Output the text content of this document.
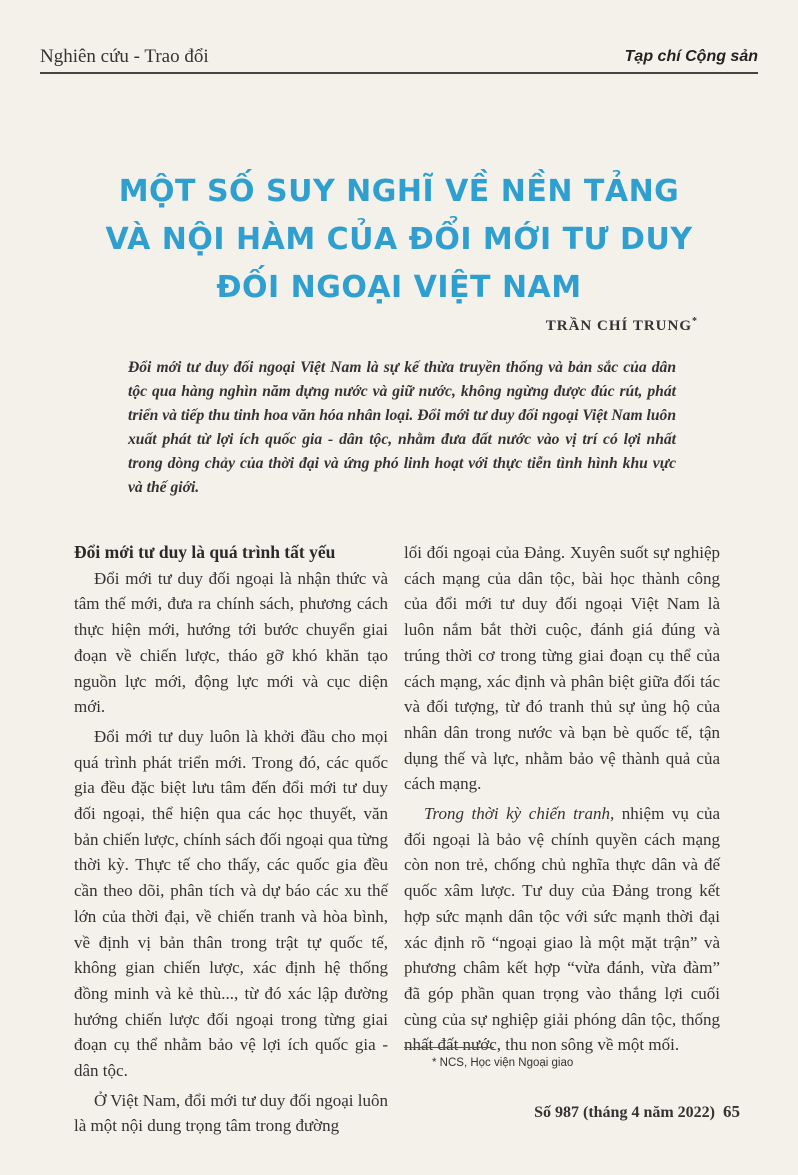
Nghiên cứu - Trao đổi	Tạp chí Cộng sản
MỘT SỐ SUY NGHĨ VỀ NỀN TẢNG
VÀ NỘI HÀM CỦA ĐỔI MỚI TƯ DUY
ĐỐI NGOẠI VIỆT NAM
TRẦN CHÍ TRUNG*
Đổi mới tư duy đối ngoại Việt Nam là sự kế thừa truyền thống và bản sắc của dân tộc qua hàng nghìn năm dựng nước và giữ nước, không ngừng được đúc rút, phát triển và tiếp thu tinh hoa văn hóa nhân loại. Đổi mới tư duy đối ngoại Việt Nam luôn xuất phát từ lợi ích quốc gia - dân tộc, nhằm đưa đất nước vào vị trí có lợi nhất trong dòng chảy của thời đại và ứng phó linh hoạt với thực tiễn tình hình khu vực và thế giới.
Đổi mới tư duy là quá trình tất yếu

Đổi mới tư duy đối ngoại là nhận thức và tâm thế mới, đưa ra chính sách, phương cách thực hiện mới, hướng tới bước chuyển giai đoạn về chiến lược, tháo gỡ khó khăn tạo nguồn lực mới, động lực mới và cục diện mới.

Đổi mới tư duy luôn là khởi đầu cho mọi quá trình phát triển mới. Trong đó, các quốc gia đều đặc biệt lưu tâm đến đổi mới tư duy đối ngoại, thể hiện qua các học thuyết, văn bản chiến lược, chính sách đối ngoại qua từng thời kỳ. Thực tế cho thấy, các quốc gia đều cần theo dõi, phân tích và dự báo các xu thế lớn của thời đại, về chiến tranh và hòa bình, về định vị bản thân trong trật tự quốc tế, không gian chiến lược, xác định hệ thống đồng minh và kẻ thù..., từ đó xác lập đường hướng chiến lược đối ngoại trong từng giai đoạn cụ thể nhằm bảo vệ lợi ích quốc gia - dân tộc.

Ở Việt Nam, đổi mới tư duy đối ngoại luôn là một nội dung trọng tâm trong đường

lối đối ngoại của Đảng. Xuyên suốt sự nghiệp cách mạng của dân tộc, bài học thành công của đổi mới tư duy đối ngoại Việt Nam là luôn nắm bắt thời cuộc, đánh giá đúng và trúng thời cơ trong từng giai đoạn cụ thể của cách mạng, xác định và phân biệt giữa đối tác và đối tượng, từ đó tranh thủ sự ủng hộ của nhân dân trong nước và bạn bè quốc tế, tận dụng thế và lực, nhằm bảo vệ thành quả của cách mạng.

Trong thời kỳ chiến tranh, nhiệm vụ của đối ngoại là bảo vệ chính quyền cách mạng còn non trẻ, chống chủ nghĩa thực dân và đế quốc xâm lược. Tư duy của Đảng trong kết hợp sức mạnh dân tộc với sức mạnh thời đại xác định rõ “ngoại giao là một mặt trận” và phương châm kết hợp “vừa đánh, vừa đàm” đã góp phần quan trọng vào thắng lợi cuối cùng của sự nghiệp giải phóng dân tộc, thống nhất đất nước, thu non sông về một mối.

* NCS, Học viện Ngoại giao
Số 987 (tháng 4 năm 2022) 65
